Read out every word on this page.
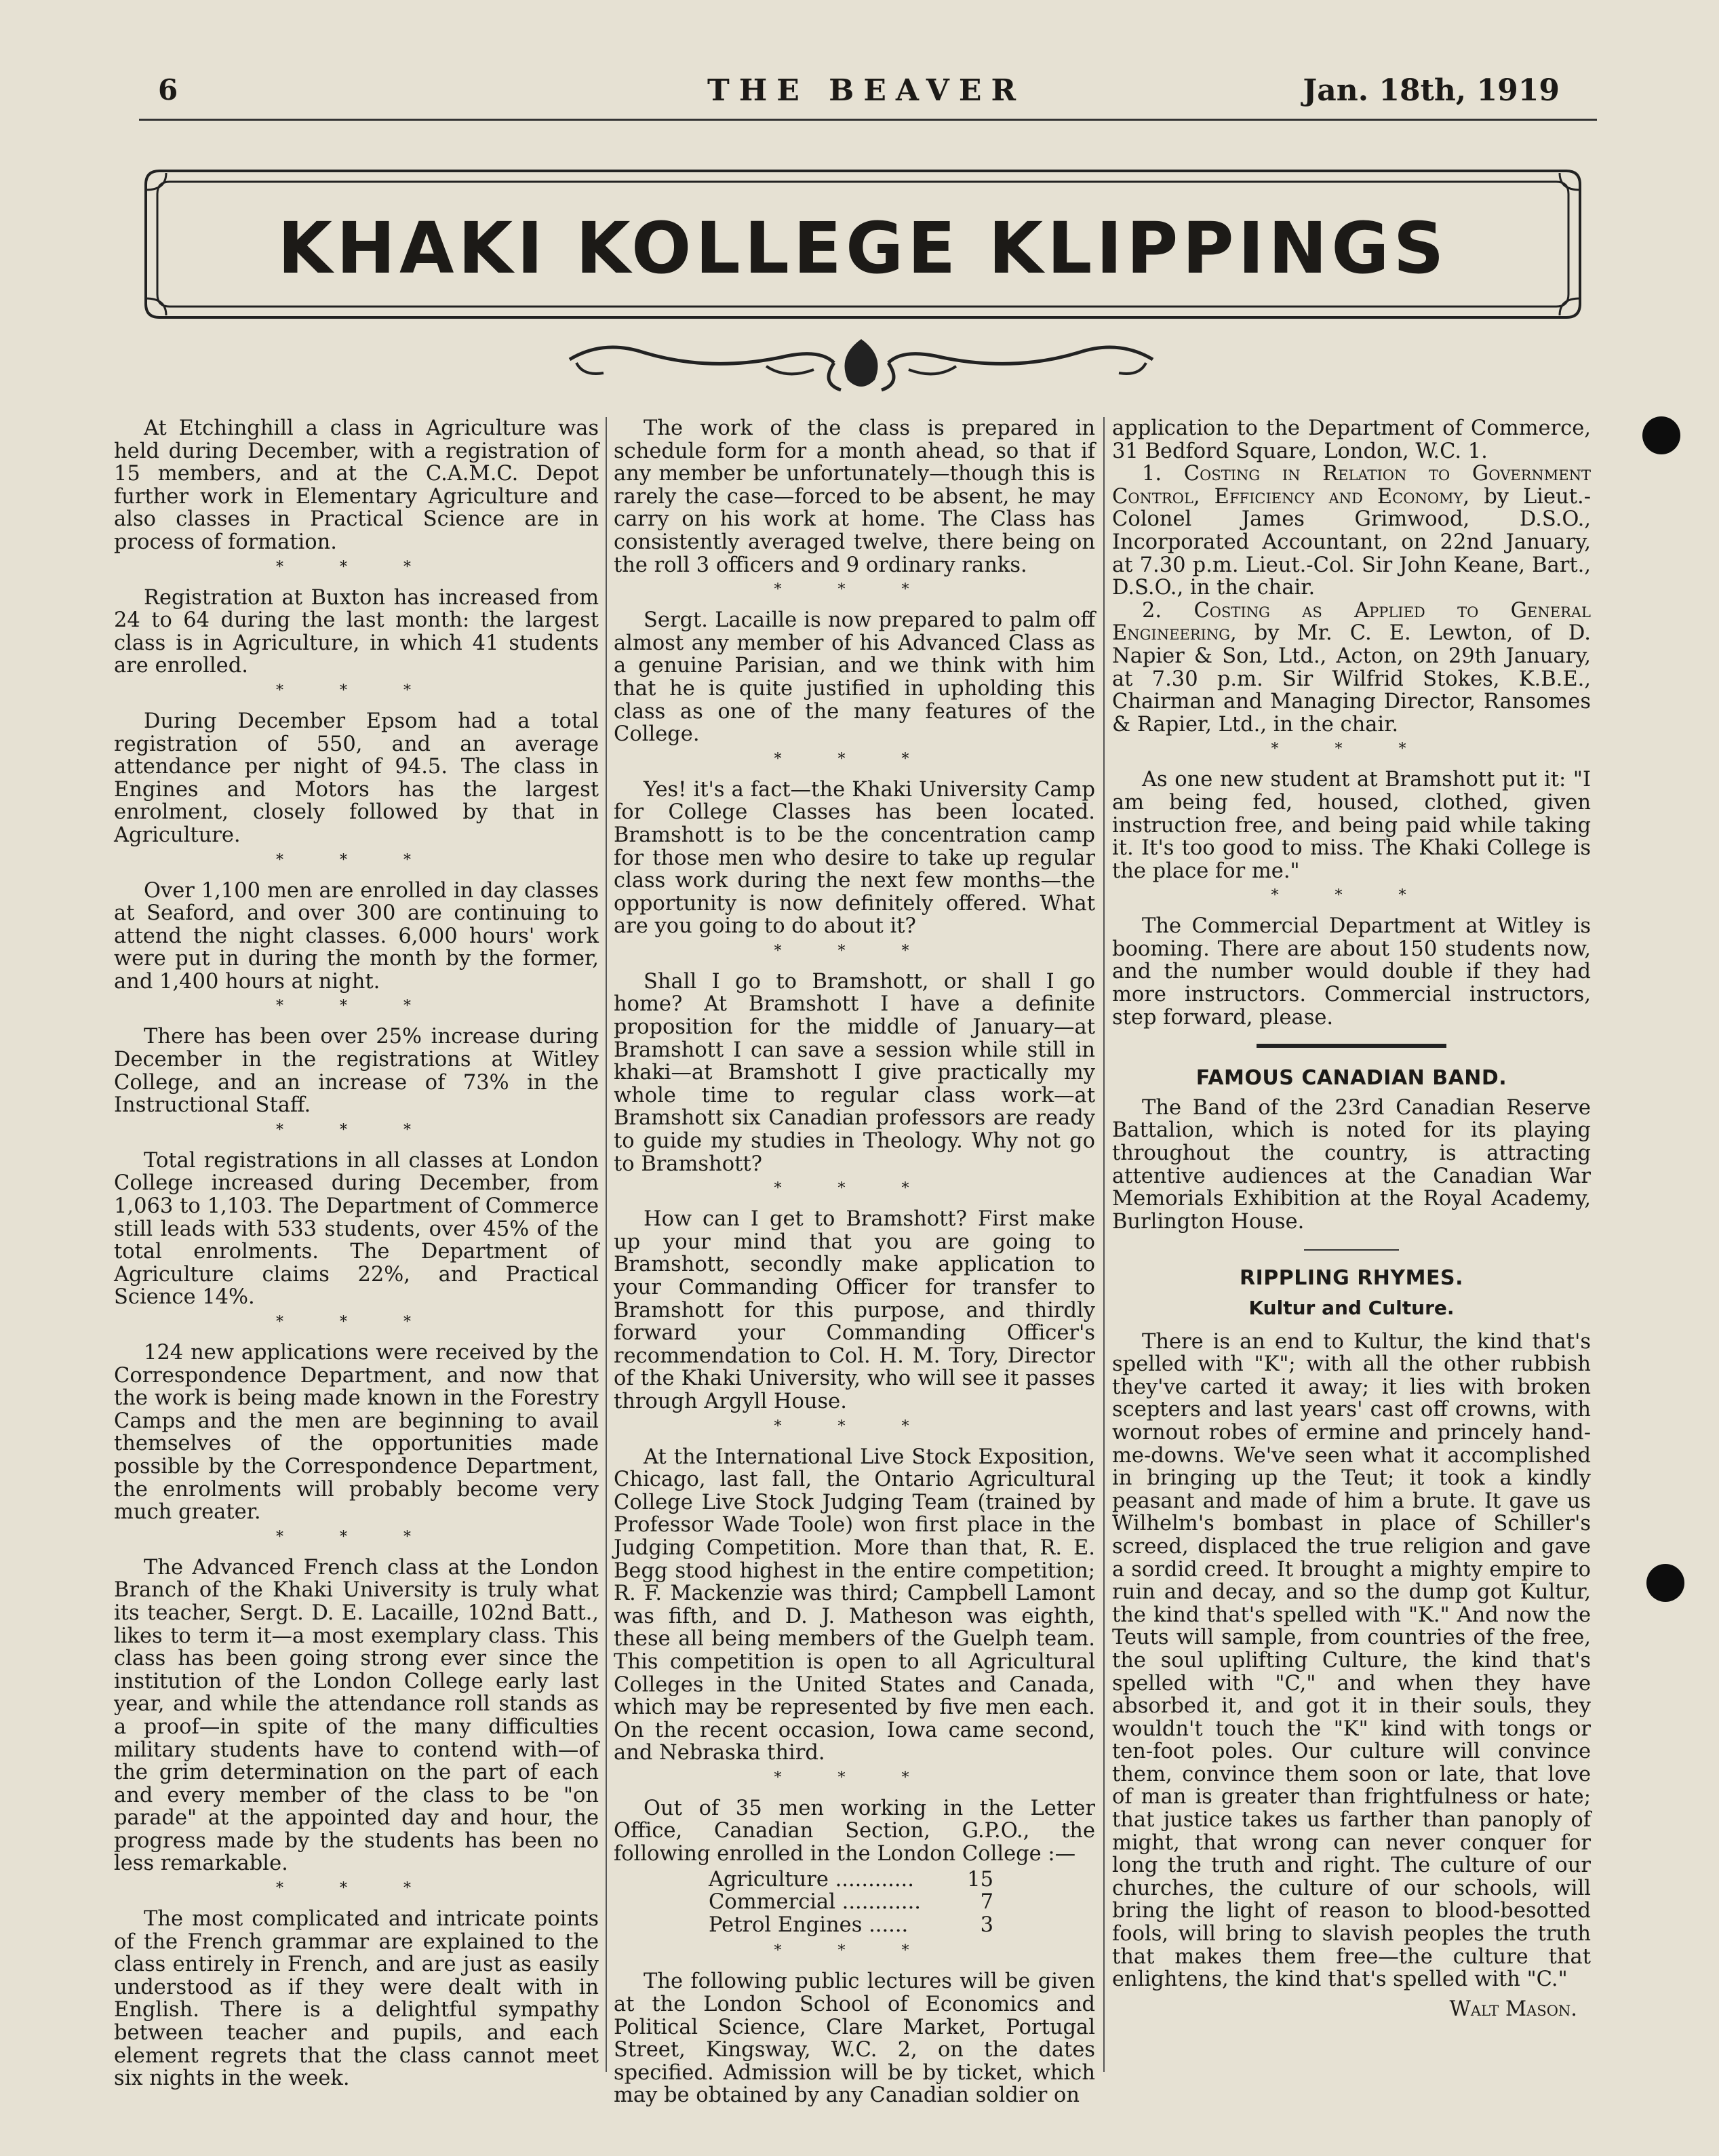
6	THE BEAVER	Jan. 18th, 1919
KHAKI KOLLEGE KLIPPINGS

At Etchinghill a class in Agriculture was held during December, with a registration of 15 members, and at the C.A.M.C. Depot further work in Elementary Agriculture and also classes in Practical Science are in process of formation.

* * *

Registration at Buxton has increased from 24 to 64 during the last month: the largest class is in Agriculture, in which 41 students are enrolled.

* * *

During December Epsom had a total registration of 550, and an average attendance per night of 94.5. The class in Engines and Motors has the largest enrolment, closely followed by that in Agriculture.

* * *

Over 1,100 men are enrolled in day classes at Seaford, and over 300 are continuing to attend the night classes. 6,000 hours' work were put in during the month by the former, and 1,400 hours at night.

* * *

There has been over 25% increase during December in the registrations at Witley College, and an increase of 73% in the Instructional Staff.

* * *

Total registrations in all classes at London College increased during December, from 1,063 to 1,103. The Department of Commerce still leads with 533 students, over 45% of the total enrolments. The Department of Agriculture claims 22%, and Practical Science 14%.

* * *

124 new applications were received by the Correspondence Department, and now that the work is being made known in the Forestry Camps and the men are beginning to avail themselves of the opportunities made possible by the Correspondence Department, the enrolments will probably become very much greater.

* * *

The Advanced French class at the London Branch of the Khaki University is truly what its teacher, Sergt. D. E. Lacaille, 102nd Batt., likes to term it—a most exemplary class. This class has been going strong ever since the institution of the London College early last year, and while the attendance roll stands as a proof—in spite of the many difficulties military students have to contend with—of the grim determination on the part of each and every member of the class to be "on parade" at the appointed day and hour, the progress made by the students has been no less remarkable.

* * *

The most complicated and intricate points of the French grammar are explained to the class entirely in French, and are just as easily understood as if they were dealt with in English. There is a delightful sympathy between teacher and pupils, and each element regrets that the class cannot meet six nights in the week.

The work of the class is prepared in schedule form for a month ahead, so that if any member be unfortunately—though this is rarely the case—forced to be absent, he may carry on his work at home. The Class has consistently averaged twelve, there being on the roll 3 officers and 9 ordinary ranks.

* * *

Sergt. Lacaille is now prepared to palm off almost any member of his Advanced Class as a genuine Parisian, and we think with him that he is quite justified in upholding this class as one of the many features of the College.

* * *

Yes! it's a fact—the Khaki University Camp for College Classes has been located. Bramshott is to be the concentration camp for those men who desire to take up regular class work during the next few months—the opportunity is now definitely offered. What are you going to do about it?

* * *

Shall I go to Bramshott, or shall I go home? At Bramshott I have a definite proposition for the middle of January—at Bramshott I can save a session while still in khaki—at Bramshott I give practically my whole time to regular class work—at Bramshott six Canadian professors are ready to guide my studies in Theology. Why not go to Bramshott?

* * *

How can I get to Bramshott? First make up your mind that you are going to Bramshott, secondly make application to your Commanding Officer for transfer to Bramshott for this purpose, and thirdly forward your Commanding Officer's recommendation to Col. H. M. Tory, Director of the Khaki University, who will see it passes through Argyll House.

* * *

At the International Live Stock Exposition, Chicago, last fall, the Ontario Agricultural College Live Stock Judging Team (trained by Professor Wade Toole) won first place in the Judging Competition. More than that, R. E. Begg stood highest in the entire competition; R. F. Mackenzie was third; Campbell Lamont was fifth, and D. J. Matheson was eighth, these all being members of the Guelph team. This competition is open to all Agricultural Colleges in the United States and Canada, which may be represented by five men each. On the recent occasion, Iowa came second, and Nebraska third.

* * *

Out of 35 men working in the Letter Office, Canadian Section, G.P.O., the following enrolled in the London College :—

Agriculture ............	15
Commercial ............	7
Petrol Engines ......	3
* * *

The following public lectures will be given at the London School of Economics and Political Science, Clare Market, Portugal Street, Kingsway, W.C. 2, on the dates specified. Admission will be by ticket, which may be obtained by any Canadian soldier on

application to the Department of Commerce, 31 Bedford Square, London, W.C. 1.

1. Costing in Relation to Government Control, Efficiency and Economy, by Lieut.-Colonel James Grimwood, D.S.O., Incorporated Accountant, on 22nd January, at 7.30 p.m. Lieut.-Col. Sir John Keane, Bart., D.S.O., in the chair.

2. Costing as Applied to General Engineering, by Mr. C. E. Lewton, of D. Napier & Son, Ltd., Acton, on 29th January, at 7.30 p.m. Sir Wilfrid Stokes, K.B.E., Chairman and Managing Director, Ransomes & Rapier, Ltd., in the chair.

* * *

As one new student at Bramshott put it: "I am being fed, housed, clothed, given instruction free, and being paid while taking it. It's too good to miss. The Khaki College is the place for me."

* * *

The Commercial Department at Witley is booming. There are about 150 students now, and the number would double if they had more instructors. Commercial instructors, step forward, please.

FAMOUS CANADIAN BAND.

The Band of the 23rd Canadian Reserve Battalion, which is noted for its playing throughout the country, is attracting attentive audiences at the Canadian War Memorials Exhibition at the Royal Academy, Burlington House.

RIPPLING RHYMES.
Kultur and Culture.

There is an end to Kultur, the kind that's spelled with "K"; with all the other rubbish they've carted it away; it lies with broken scepters and last years' cast off crowns, with wornout robes of ermine and princely hand-me-downs. We've seen what it accomplished in bringing up the Teut; it took a kindly peasant and made of him a brute. It gave us Wilhelm's bombast in place of Schiller's screed, displaced the true religion and gave a sordid creed. It brought a mighty empire to ruin and decay, and so the dump got Kultur, the kind that's spelled with "K." And now the Teuts will sample, from countries of the free, the soul uplifting Culture, the kind that's spelled with "C," and when they have absorbed it, and got it in their souls, they wouldn't touch the "K" kind with tongs or ten-foot poles. Our culture will convince them, convince them soon or late, that love of man is greater than frightfulness or hate; that justice takes us farther than panoply of might, that wrong can never conquer for long the truth and right. The culture of our churches, the culture of our schools, will bring the light of reason to blood-besotted fools, will bring to slavish peoples the truth that makes them free—the culture that enlightens, the kind that's spelled with "C."

Walt Mason.
